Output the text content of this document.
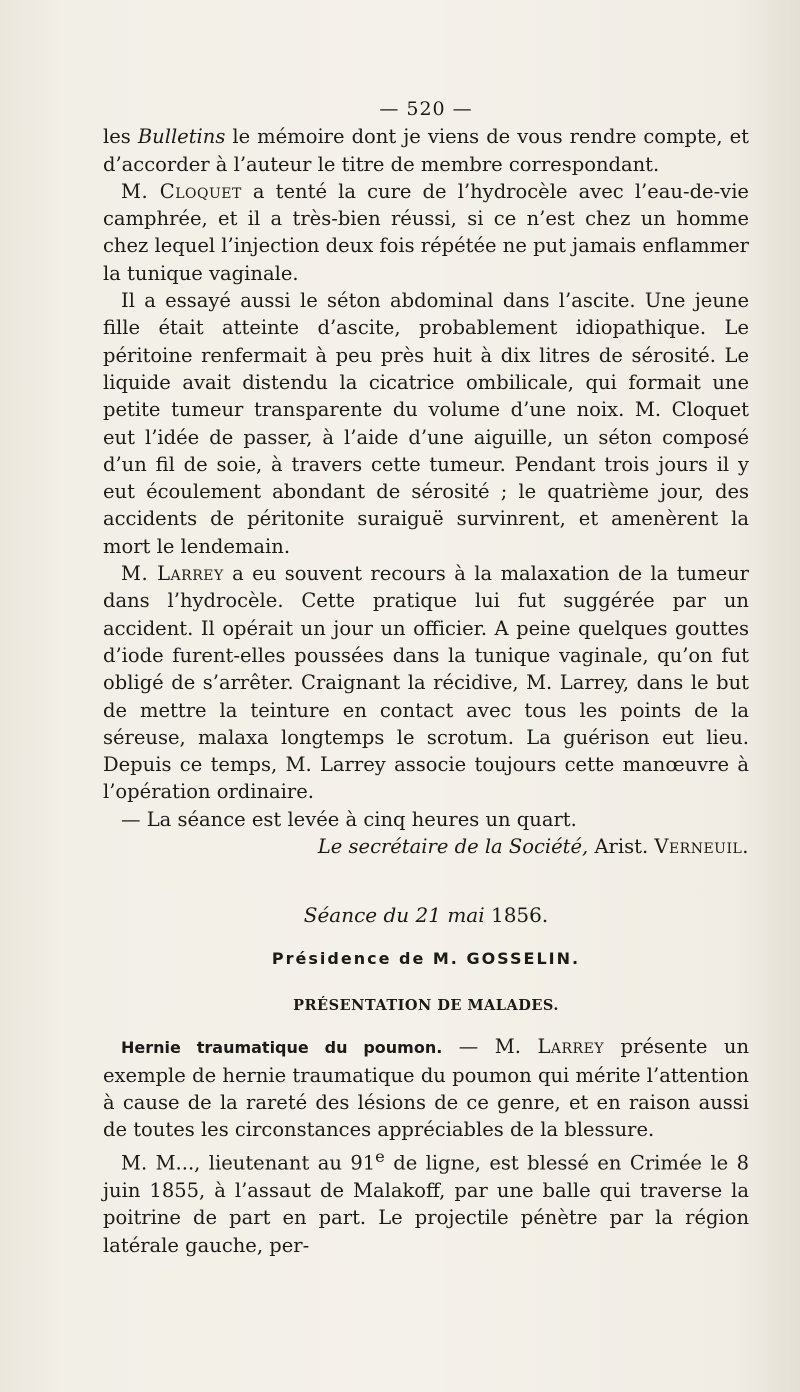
— 520 —

les Bulletins le mémoire dont je viens de vous rendre compte, et d’accorder à l’auteur le titre de membre correspondant.

M. Cloquet a tenté la cure de l’hydrocèle avec l’eau-de-vie camphrée, et il a très-bien réussi, si ce n’est chez un homme chez lequel l’injection deux fois répétée ne put jamais enflammer la tunique vaginale.

Il a essayé aussi le séton abdominal dans l’ascite. Une jeune fille était atteinte d’ascite, probablement idiopathique. Le péritoine renfermait à peu près huit à dix litres de sérosité. Le liquide avait distendu la cicatrice ombilicale, qui formait une petite tumeur transparente du volume d’une noix. M. Cloquet eut l’idée de passer, à l’aide d’une aiguille, un séton composé d’un fil de soie, à travers cette tumeur. Pendant trois jours il y eut écoulement abondant de sérosité ; le quatrième jour, des accidents de péritonite suraiguë survinrent, et amenèrent la mort le lendemain.

M. Larrey a eu souvent recours à la malaxation de la tumeur dans l’hydrocèle. Cette pratique lui fut suggérée par un accident. Il opérait un jour un officier. A peine quelques gouttes d’iode furent-elles poussées dans la tunique vaginale, qu’on fut obligé de s’arrêter. Craignant la récidive, M. Larrey, dans le but de mettre la teinture en contact avec tous les points de la séreuse, malaxa longtemps le scrotum. La guérison eut lieu. Depuis ce temps, M. Larrey associe toujours cette manœuvre à l’opération ordinaire.

— La séance est levée à cinq heures un quart.

Le secrétaire de la Société, Arist. Verneuil.

Séance du 21 mai 1856.
Présidence de M. GOSSELIN.
PRÉSENTATION DE MALADES.

Hernie traumatique du poumon. — M. Larrey présente un exemple de hernie traumatique du poumon qui mérite l’attention à cause de la rareté des lésions de ce genre, et en raison aussi de toutes les circonstances appréciables de la blessure.

M. M..., lieutenant au 91e de ligne, est blessé en Crimée le 8 juin 1855, à l’assaut de Malakoff, par une balle qui traverse la poitrine de part en part. Le projectile pénètre par la région latérale gauche, per-
